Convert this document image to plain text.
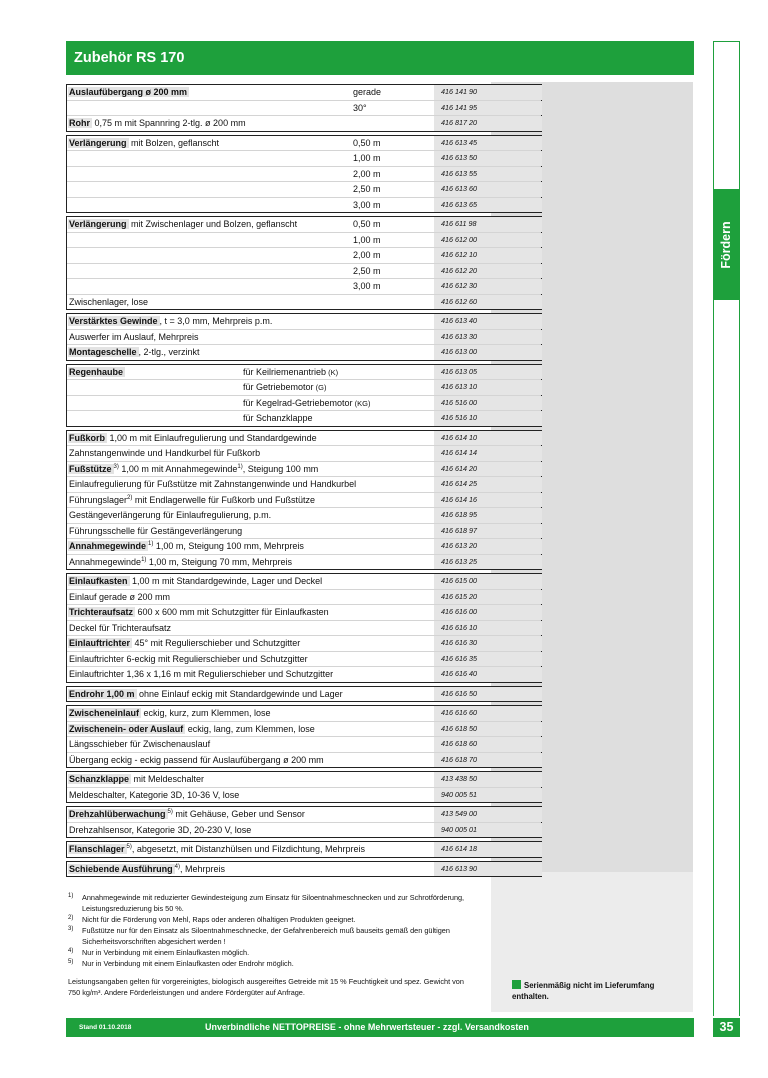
Zubehör RS 170
Fördern
Auslaufübergang ø 200 mm	gerade	416 141 90
30°	416 141 95
Rohr 0,75 m mit Spannring 2-tlg. ø 200 mm	416 817 20
Verlängerung mit Bolzen, geflanscht	0,50 m	416 613 45
1,00 m	416 613 50
2,00 m	416 613 55
2,50 m	416 613 60
3,00 m	416 613 65
Verlängerung mit Zwischenlager und Bolzen, geflanscht	0,50 m	416 611 98
1,00 m	416 612 00
2,00 m	416 612 10
2,50 m	416 612 20
3,00 m	416 612 30
Zwischenlager, lose	416 612 60
Verstärktes Gewinde , t = 3,0 mm, Mehrpreis p.m.	416 613 40
Auswerfer im Auslauf, Mehrpreis	416 613 30
Montageschelle , 2-tlg., verzinkt	416 613 00
Regenhaube	für Keilriemenantrieb (K)	416 613 05
für Getriebemotor (G)	416 613 10
für Kegelrad-Getriebemotor (KG)	416 516 00
für Schanzklappe	416 516 10
Fußkorb 1,00 m mit Einlaufregulierung und Standardgewinde	416 614 10
Zahnstangenwinde und Handkurbel für Fußkorb	416 614 14
Fußstütze $^{3)}$ 1,00 m mit Annahmegewinde$^{1)}$, Steigung 100 mm	416 614 20
Einlaufregulierung für Fußstütze mit Zahnstangenwinde und Handkurbel	416 614 25
Führungslager$^{2)}$ mit Endlagerwelle für Fußkorb und Fußstütze	416 614 16
Gestängeverlängerung für Einlaufregulierung, p.m.	416 618 95
Führungsschelle für Gestängeverlängerung	416 618 97
Annahmegewinde $^{1)}$ 1,00 m, Steigung 100 mm, Mehrpreis	416 613 20
Annahmegewinde$^{1)}$ 1,00 m, Steigung 70 mm, Mehrpreis	416 613 25
Einlaufkasten 1,00 m mit Standardgewinde, Lager und Deckel	416 615 00
Einlauf gerade ø 200 mm	416 615 20
Trichteraufsatz 600 x 600 mm mit Schutzgitter für Einlaufkasten	416 616 00
Deckel für Trichteraufsatz	416 616 10
Einlauftrichter 45° mit Regulierschieber und Schutzgitter	416 616 30
Einlauftrichter 6-eckig mit Regulierschieber und Schutzgitter	416 616 35
Einlauftrichter 1,36 x 1,16 m mit Regulierschieber und Schutzgitter	416 616 40
Endrohr 1,00 m ohne Einlauf eckig mit Standardgewinde und Lager	416 616 50
Zwischeneinlauf eckig, kurz, zum Klemmen, lose	416 616 60
Zwischenein- oder Auslauf eckig, lang, zum Klemmen, lose	416 618 50
Längsschieber für Zwischenauslauf	416 618 60
Übergang eckig - eckig passend für Auslaufübergang ø 200 mm	416 618 70
Schanzklappe mit Meldeschalter	413 438 50
Meldeschalter, Kategorie 3D, 10-36 V, lose	940 005 51
Drehzahlüberwachung $^{5)}$ mit Gehäuse, Geber und Sensor	413 549 00
Drehzahlsensor, Kategorie 3D, 20-230 V, lose	940 005 01
Flanschlager $^{5)}$, abgesetzt, mit Distanzhülsen und Filzdichtung, Mehrpreis	416 614 18
Schiebende Ausführung $^{4)}$, Mehrpreis	416 613 90
1) Annahmegewinde mit reduzierter Gewindesteigung zum Einsatz für Siloentnahmeschnecken und zur Schrotförderung, Leistungsreduzierung bis 50 %.
2) Nicht für die Förderung von Mehl, Raps oder anderen ölhaltigen Produkten geeignet.
3) Fußstütze nur für den Einsatz als Siloentnahmeschnecke, der Gefahrenbereich muß bauseits gemäß den gültigen Sicherheitsvorschriften abgesichert werden !
4) Nur in Verbindung mit einem Einlaufkasten möglich.
5) Nur in Verbindung mit einem Einlaufkasten oder Endrohr möglich.
Leistungsangaben gelten für vorgereinigtes, biologisch ausgereiftes Getreide mit 15 % Feuchtigkeit und spez. Gewicht von 750 kg/m³. Andere Förderleistungen und andere Fördergüter auf Anfrage.
Serienmäßig nicht im Lieferumfang enthalten.
Stand 01.10.2018	Unverbindliche NETTOPREISE - ohne Mehrwertsteuer - zzgl. Versandkosten	35
